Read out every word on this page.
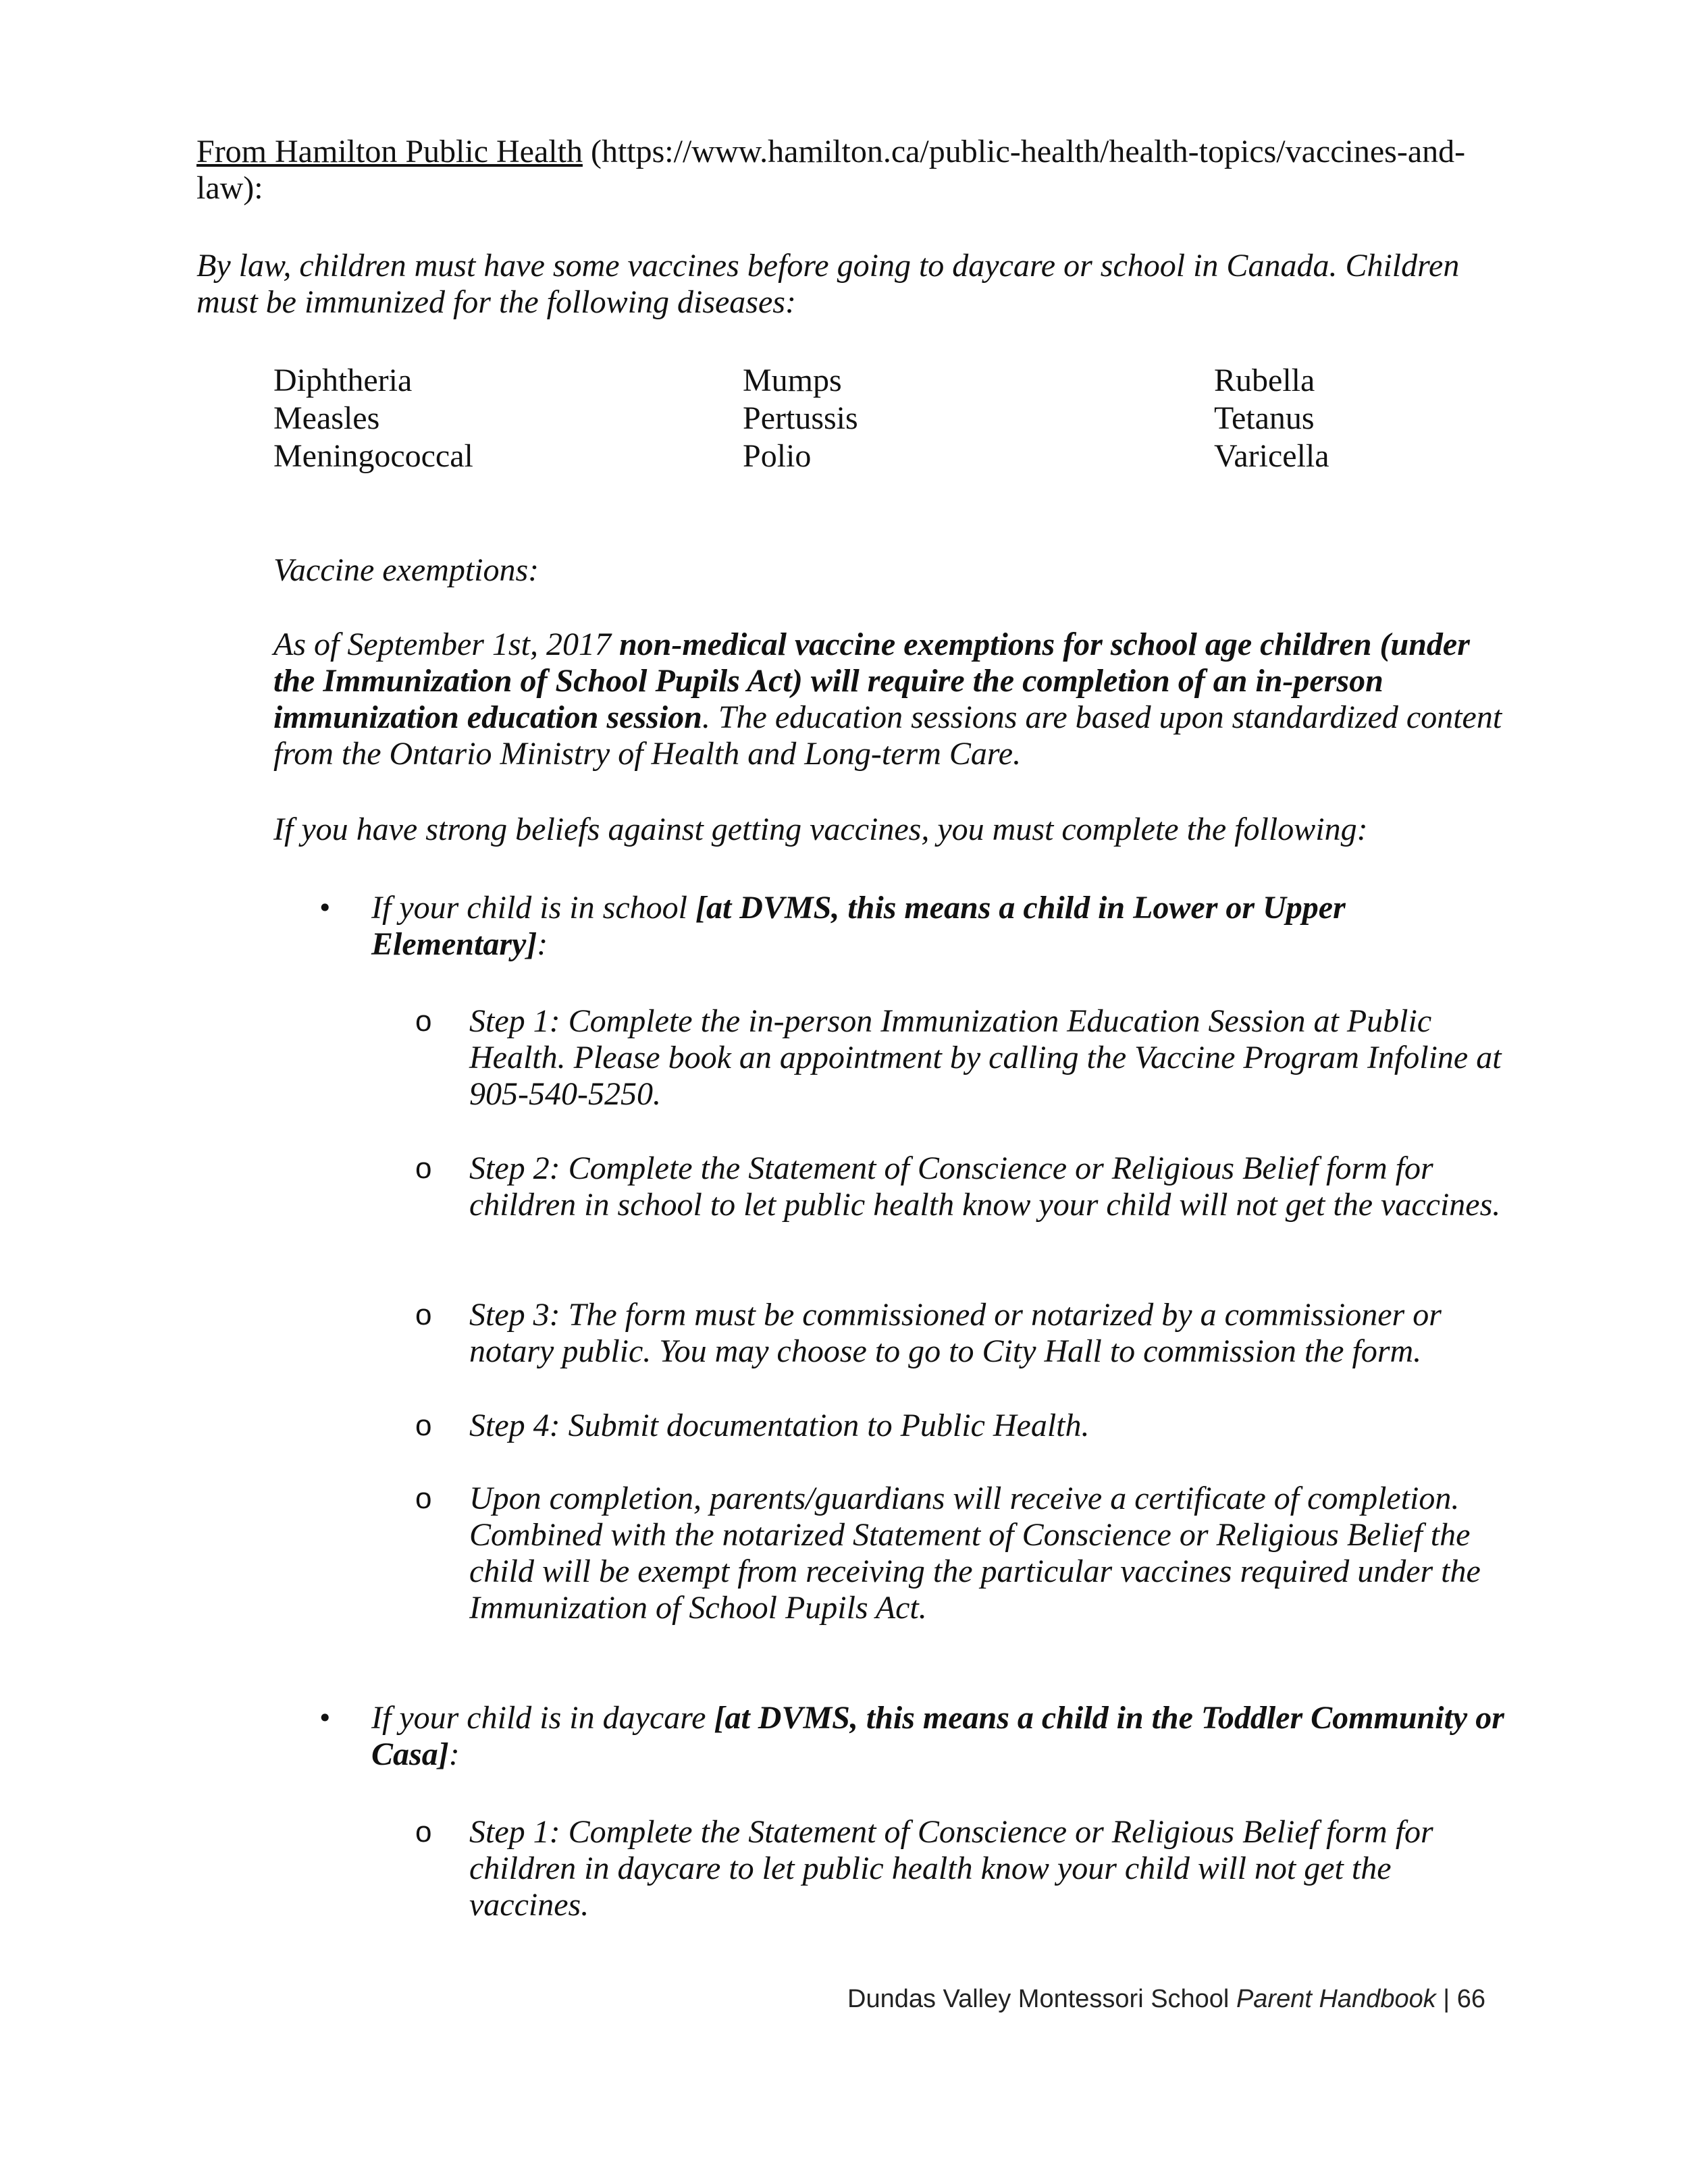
From Hamilton Public Health (https://www.hamilton.ca/public-health/health-topics/vaccines-and-law):
By law, children must have some vaccines before going to daycare or school in Canada. Children must be immunized for the following diseases:
Diphtheria	Mumps	Rubella
Measles	Pertussis	Tetanus
Meningococcal	Polio	Varicella
Vaccine exemptions:
As of September 1st, 2017 non-medical vaccine exemptions for school age children (under the Immunization of School Pupils Act) will require the completion of an in-person immunization education session. The education sessions are based upon standardized content from the Ontario Ministry of Health and Long-term Care.
If you have strong beliefs against getting vaccines, you must complete the following:
• If your child is in school [at DVMS, this means a child in Lower or Upper Elementary]:
o Step 1: Complete the in-person Immunization Education Session at Public Health. Please book an appointment by calling the Vaccine Program Infoline at 905-540-5250.
o Step 2: Complete the Statement of Conscience or Religious Belief form for children in school to let public health know your child will not get the vaccines.
o Step 3: The form must be commissioned or notarized by a commissioner or notary public. You may choose to go to City Hall to commission the form.
o Step 4: Submit documentation to Public Health.
o Upon completion, parents/guardians will receive a certificate of completion. Combined with the notarized Statement of Conscience or Religious Belief the child will be exempt from receiving the particular vaccines required under the Immunization of School Pupils Act.
• If your child is in daycare [at DVMS, this means a child in the Toddler Community or Casa]:
o Step 1: Complete the Statement of Conscience or Religious Belief form for children in daycare to let public health know your child will not get the vaccines.
Dundas Valley Montessori School Parent Handbook | 66
